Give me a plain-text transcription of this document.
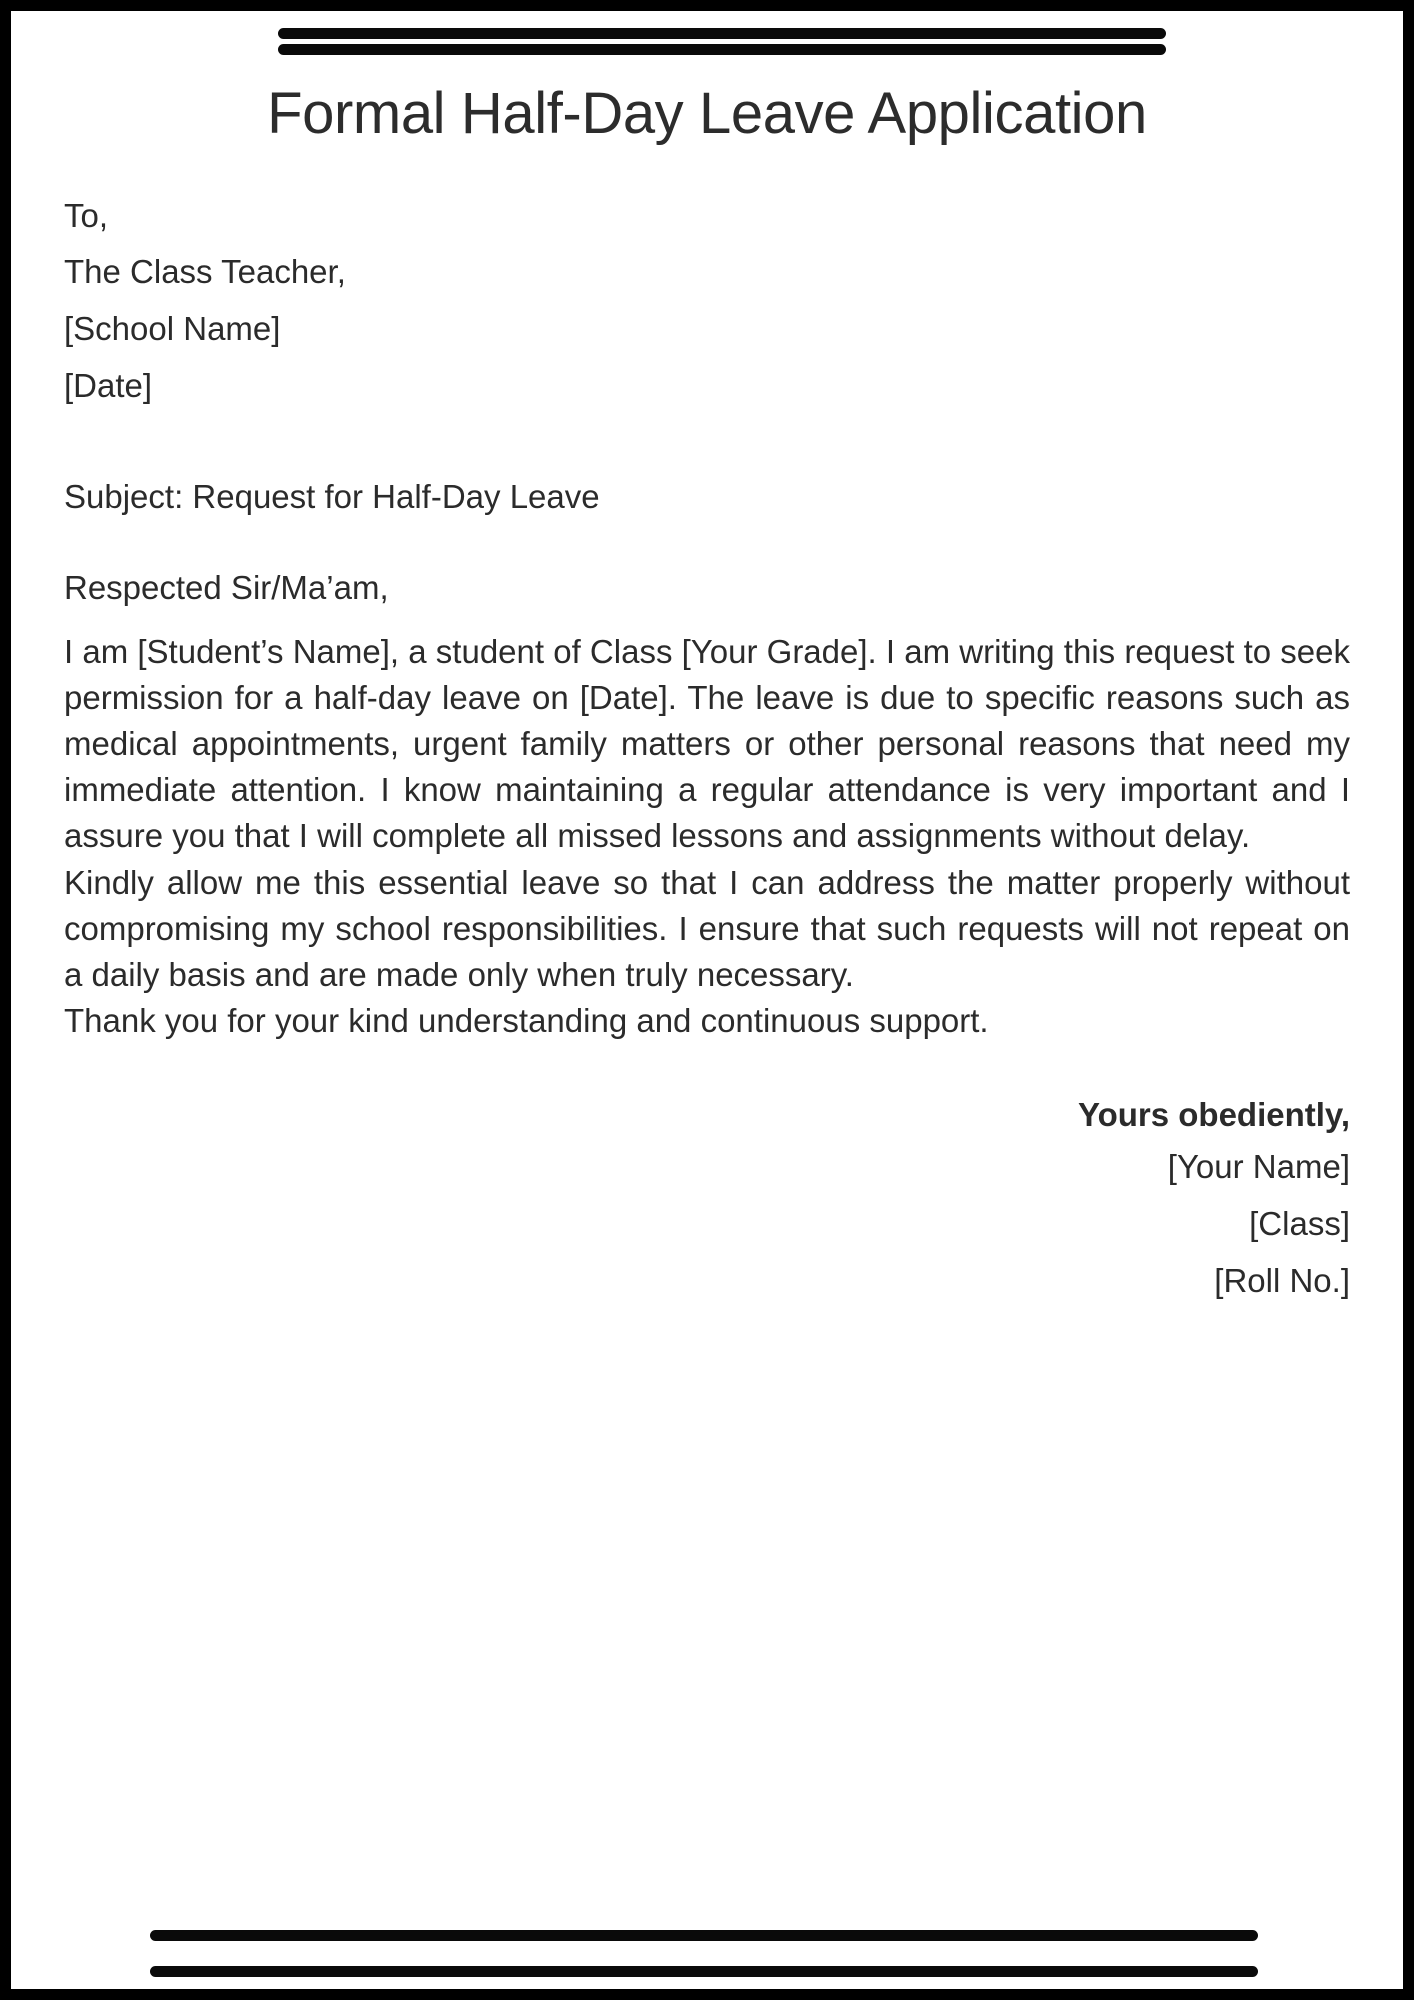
Formal Half-Day Leave Application
To,
The Class Teacher,
[School Name]
[Date]
Subject: Request for Half-Day Leave
Respected Sir/Ma’am,

I am [Student’s Name], a student of Class [Your Grade]. I am writing this request to seek permission for a half-day leave on [Date]. The leave is due to specific reasons such as medical appointments, urgent family matters or other personal reasons that need my immediate attention. I know maintaining a regular attendance is very important and I assure you that I will complete all missed lessons and assignments without delay.

Kindly allow me this essential leave so that I can address the matter properly without compromising my school responsibilities. I ensure that such requests will not repeat on a daily basis and are made only when truly necessary.

Thank you for your kind understanding and continuous support.

Yours obediently,
[Your Name]
[Class]
[Roll No.]
